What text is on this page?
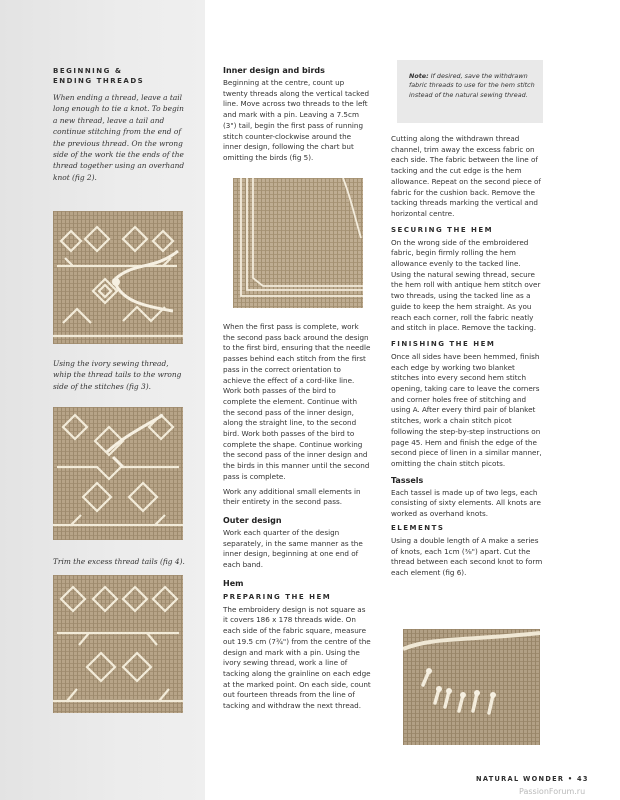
BEGINNING & ENDING THREADS
When ending a thread, leave a tail long enough to tie a knot. To begin a new thread, leave a tail and continue stitching from the end of the previous thread. On the wrong side of the work tie the ends of the thread together using an overhand knot (fig 2).
Using the ivory sewing thread, whip the thread tails to the wrong side of the stitches (fig 3).
Trim the excess thread tails (fig 4).
Inner design and birds

Beginning at the centre, count up twenty threads along the vertical tacked line. Move across two threads to the left and mark with a pin. Leaving a 7.5cm (3") tail, begin the first pass of running stitch counter-clockwise around the inner design, following the chart but omitting the birds (fig 5).

When the first pass is complete, work the second pass back around the design to the first bird, ensuring that the needle passes behind each stitch from the first pass in the correct orientation to achieve the effect of a cord-like line. Work both passes of the bird to complete the element. Continue with the second pass of the inner design, along the straight line, to the second bird. Work both passes of the bird to complete the shape. Continue working the second pass of the inner design and the birds in this manner until the second pass is complete.

Work any additional small elements in their entirety in the second pass.

Outer design

Work each quarter of the design separately, in the same manner as the inner design, beginning at one end of each band.

Hem
PREPARING THE HEM

The embroidery design is not square as it covers 186 x 178 threads wide. On each side of the fabric square, measure out 19.5 cm (7¾") from the centre of the design and mark with a pin. Using the ivory sewing thread, work a line of tacking along the grainline on each edge at the marked point. On each side, count out fourteen threads from the line of tacking and withdraw the next thread.

Note: If desired, save the withdrawn fabric threads to use for the hem stitch instead of the natural sewing thread.

Cutting along the withdrawn thread channel, trim away the excess fabric on each side. The fabric between the line of tacking and the cut edge is the hem allowance. Repeat on the second piece of fabric for the cushion back. Remove the tacking threads marking the vertical and horizontal centre.

SECURING THE HEM

On the wrong side of the embroidered fabric, begin firmly rolling the hem allowance evenly to the tacked line. Using the natural sewing thread, secure the hem roll with antique hem stitch over two threads, using the tacked line as a guide to keep the hem straight. As you reach each corner, roll the fabric neatly and stitch in place. Remove the tacking.

FINISHING THE HEM

Once all sides have been hemmed, finish each edge by working two blanket stitches into every second hem stitch opening, taking care to leave the corners and corner holes free of stitching and using A. After every third pair of blanket stitches, work a chain stitch picot following the step-by-step instructions on page 45. Hem and finish the edge of the second piece of linen in a similar manner, omitting the chain stitch picots.

Tassels

Each tassel is made up of two legs, each consisting of sixty elements. All knots are worked as overhand knots.

ELEMENTS

Using a double length of A make a series of knots, each 1cm (⅜") apart. Cut the thread between each second knot to form each element (fig 6).

NATURAL WONDER • 43
PassionForum.ru
